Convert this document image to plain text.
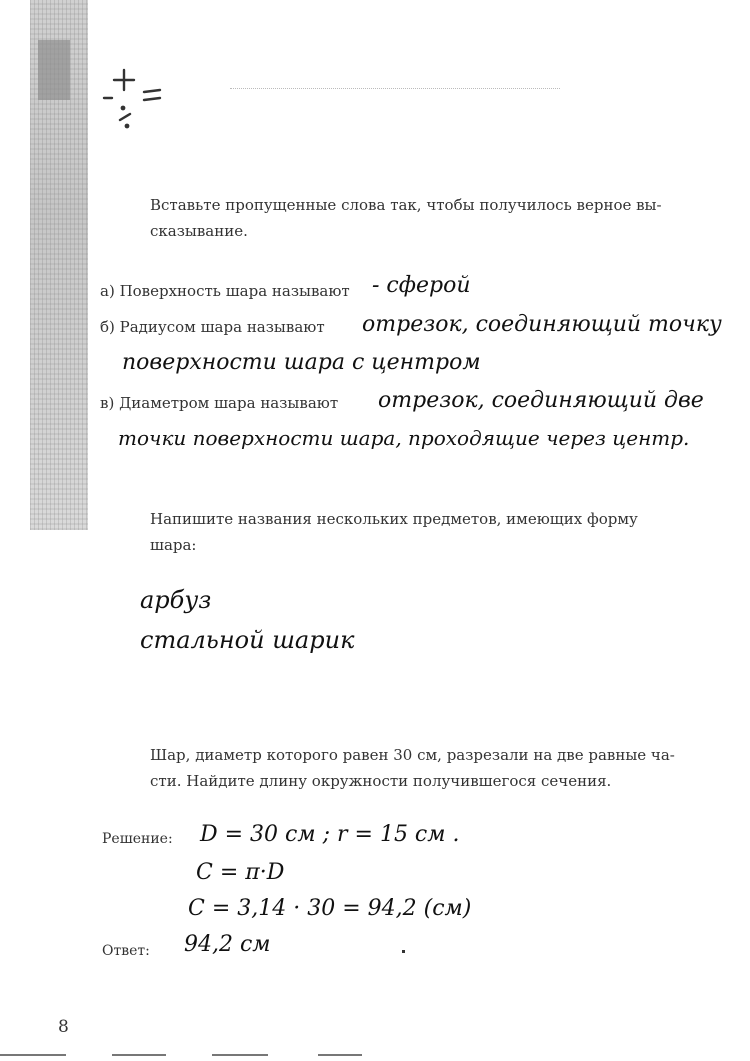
Вставьте пропущенные слова так, чтобы получилось верное вы-
сказывание.
а) Поверхность шара называют - сферой
б) Радиусом шара называют отрезок, соединяющий точку
поверхности шара с центром
в) Диаметром шара называют отрезок, соединяющий две
точки поверхности шара, проходящие через центр.
Напишите названия нескольких предметов, имеющих форму
шара:
арбуз
стальной шарик
Шар, диаметр которого равен 30 см, разрезали на две равные ча-
сти. Найдите длину окружности получившегося сечения.
Решение: D = 30 см ; r = 15 см .
C = π·D
C = 3,14 · 30 = 94,2 (см)
Ответ: 94,2 см
8
